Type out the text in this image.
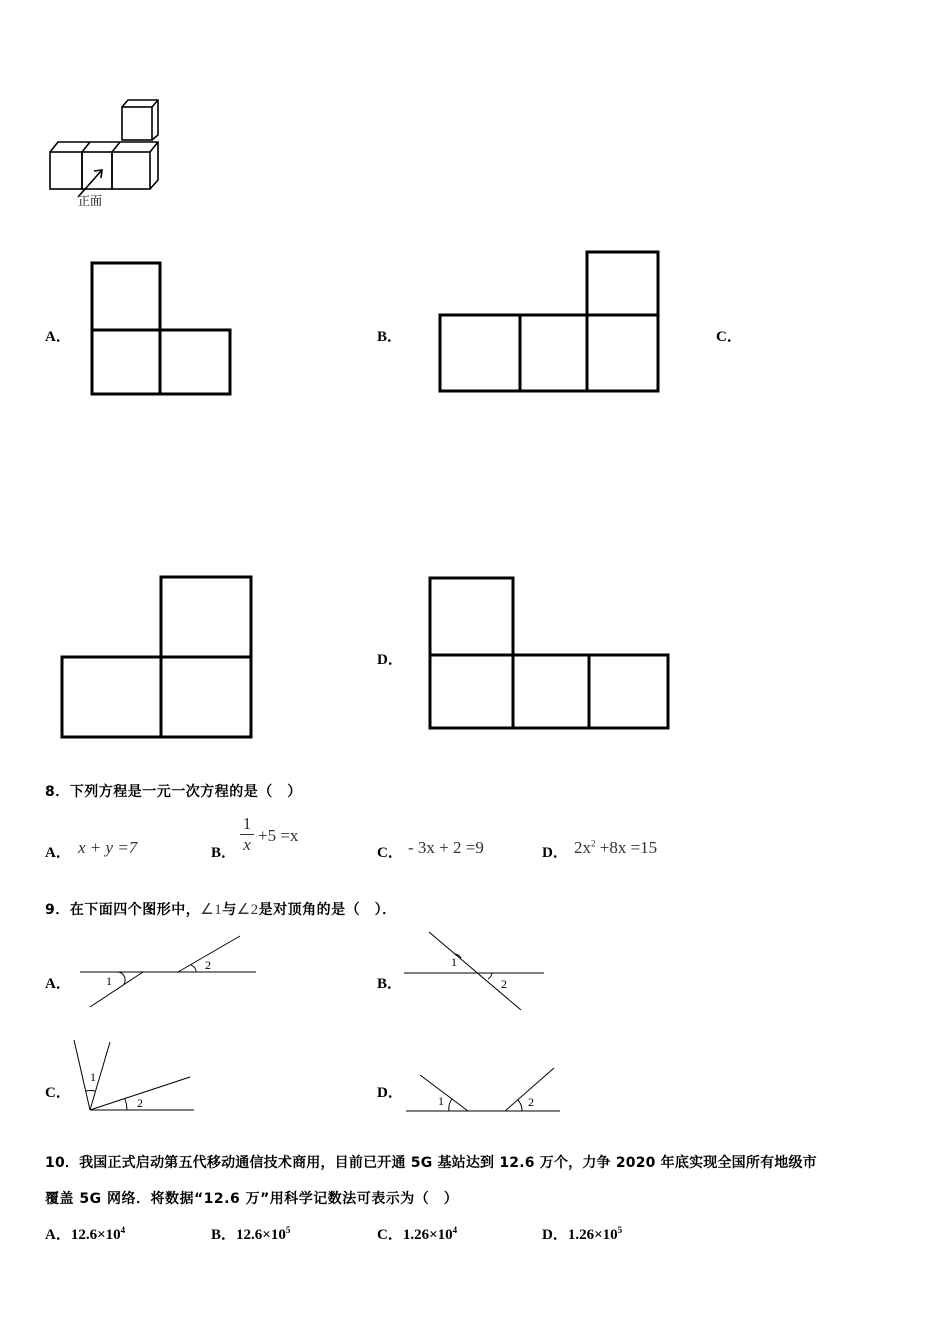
正面
A．	B．	C．
D．
8．下列方程是一元一次方程的是（　）
A． x + y =7	B．
1
x +5 =x
C． - 3x + 2 =9	D． $2x^2 +8x =15$
9．在下面四个图形中，∠1与∠2是对顶角的是（　）．
A．	1
2
B．
1
2
C．
1
2
D．	1	2
10．我国正式启动第五代移动通信技术商用，目前已开通 5G 基站达到 12.6 万个，力争 2020 年底实现全国所有地级市
覆盖 5G 网络．将数据“12.6 万”用科学记数法可表示为（　）
A．$12.6\times 10^4$	B．$12.6\times 10^5$	C．$1.26\times 10^4$	D．$1.26\times 10^5$
